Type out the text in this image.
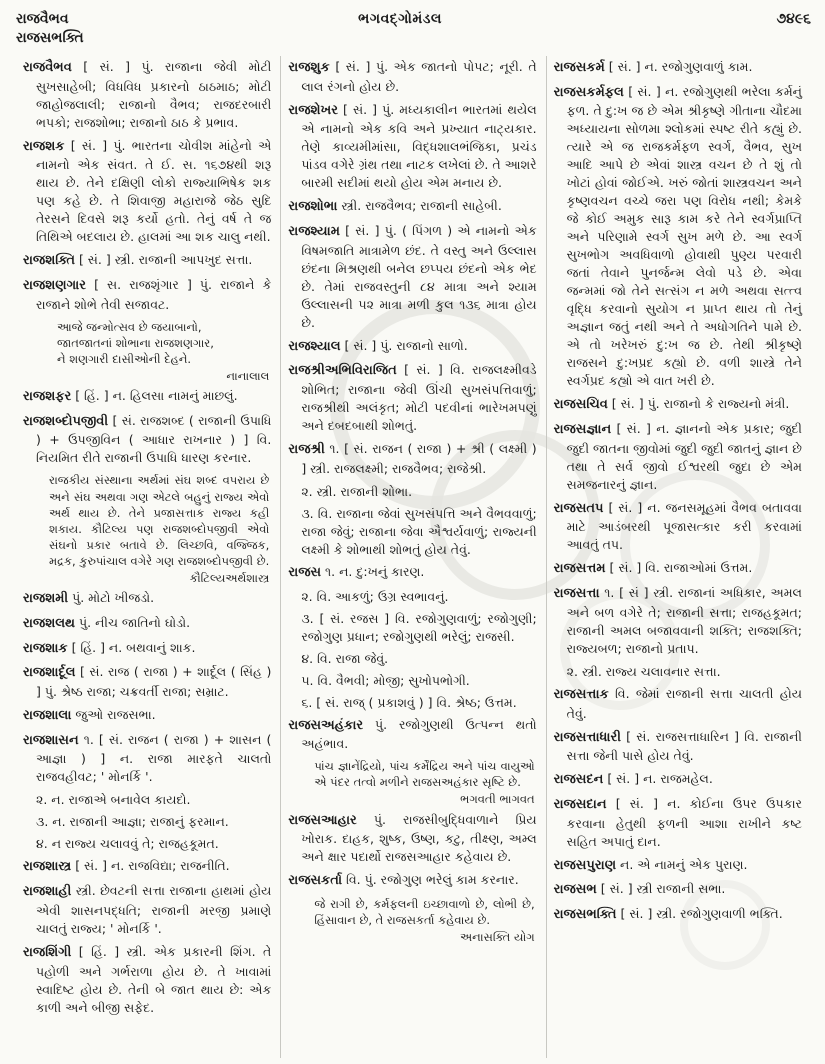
રાજવૈભવ
રાજસભક્તિ
ભગવદ્ગોમંડલ	૭૪૯૬

રાજવૈભવ [ સં. ] પું. રાજાના જેવી મોટી સુખસાહેબી; વિધવિધ પ્રકારનો ઠાઠમાઠ; મોટી જાહોજલાલી; રાજાનો વૈભવ; રાજદરબારી ભપકો; રાજશોભા; રાજાનો ઠાઠ કે પ્રભાવ.

રાજશક [ સં. ] પું. ભારતના ચોવીશ માંહેનો એ નામનો એક સંવત. તે ઈ. સ. ૧૬૭૪થી શરૂ થાય છે. તેને દક્ષિણી લોકો રાજ્યાભિષેક શક પણ કહે છે. તે શિવાજી મહારાજે જેઠ સુદિ તેરસને દિવસે શરૂ કર્યો હતો. તેનું વર્ષ તે જ તિથિએ બદલાય છે. હાલમાં આ શક ચાલુ નથી.

રાજશક્તિ [ સં. ] સ્ત્રી. રાજાની આપખુદ સત્તા.

રાજશણગાર [ સ. રાજશૃંગાર ] પું. રાજાને કે રાજાને શોભે તેવી સજાવટ.

આજે જન્મોત્સવ છે જયાબાનો,
જાતજાતનાં શોભાના રાજશણગાર,
ને શણગારી દાસીઓની દેહને.
નાનાલાલ

રાજશફર [ હિં. ] ન. હિલસા નામનું માછલું.

રાજશબ્દોપજીવી [ સં. રાજશબ્દ ( રાજાની ઉપાધિ ) + ઉપજીવિન ( આધાર રાખનાર ) ] વિ. નિયમિત રીતે રાજાની ઉપાધિ ધારણ કરનાર.

રાજકીય સંસ્થાના અર્થમાં સંઘ શબ્દ વપરાય છે અને સંઘ અથવા ગણ એટલે બહુનું રાજ્ય એવો અર્થ થાય છે. તેને પ્રજાસત્તાક રાજ્ય કહી શકાય. કૌટિલ્ય પણ રાજશબ્દોપજીવી એવો સંઘનો પ્રકાર બતાવે છે. લિચ્છવિ, વજ્જિક, મદ્રક, કુરુપાંચાલ વગેરે ગણ રાજશબ્દોપજીવી છે.
કૌટિલ્યઅર્થશાસ્ત્ર

રાજશમી પું. મોટો ખીજડો.

રાજશલથ પું. નીચ જાતિનો ઘોડો.

રાજશાક [ હિં. ] ન. બથવાનું શાક.

રાજશાર્દૂલ [ સં. રાજ ( રાજા ) + શાર્દૂલ ( સિંહ ) ] પું. શ્રેષ્ઠ રાજા; ચક્રવર્તી રાજા; સમ્રાટ.

રાજશાલા જુઓ રાજસભા.

રાજશાસન ૧. [ સં. રાજન ( રાજા ) + શાસન ( આજ્ઞા ) ] ન. રાજા મારફતે ચાલતો રાજવહીવટ; ' મોનર્કિ '.

૨. ન. રાજાએ બનાવેલ કાયદો.

૩. ન. રાજાની આજ્ઞા; રાજાનું ફરમાન.

૪. ન રાજ્ય ચલાવવું તે; રાજહકૂમત.

રાજશાસ્ત્ર [ સં. ] ન. રાજવિદ્યા; રાજનીતિ.

રાજશાહી સ્ત્રી. છેવટની સત્તા રાજાના હાથમાં હોય એવી શાસનપદ્ધતિ; રાજાની મરજી પ્રમાણે ચાલતું રાજ્ય; ' મોનર્કિ '.

રાજશિંગી [ હિં. ] સ્ત્રી. એક પ્રકારની શિંગ. તે પહોળી અને ગર્ભરાળા હોય છે. તે ખાવામાં સ્વાદિષ્ટ હોય છે. તેની બે જાત થાય છે: એક કાળી અને બીજી સફેદ.

રાજશુક [ સં. ] પું. એક જાતનો પોપટ; નૂરી. તે લાલ રંગનો હોય છે.

રાજશેખર [ સં. ] પું. મધ્યકાલીન ભારતમાં થયેલ એ નામનો એક કવિ અને પ્રખ્યાત નાટ્યકાર. તેણે કાવ્યમીમાંસા, વિદ્ધશાલભંજિકા, પ્રચંડ પાંડવ વગેરે ગ્રંથ તથા નાટક લખેલાં છે. તે આશરે બારમી સદીમાં થયો હોય એમ મનાય છે.

રાજશોભા સ્ત્રી. રાજવૈભવ; રાજાની સાહેબી.

રાજશ્યામ [ સં. ] પું. ( પિંગળ ) એ નામનો એક વિષમજાતિ માત્રામેળ છંદ. તે વસ્તુ અને ઉલ્લાસ છંદના મિશ્રણથી બનેલ છપ્પય છંદનો એક ભેદ છે. તેમાં રાજવસ્તુની ૮૪ માત્રા અને શ્યામ ઉલ્લાસની ૫૨ માત્રા મળી કુલ ૧૩૬ માત્રા હોય છે.

રાજશ્યાલ [ સં. ] પું. રાજાનો સાળો.

રાજશ્રીઅભિવિરાજિત [ સં. ] વિ. રાજલક્ષ્મીવડે શોભિત; રાજાના જેવી ઊંચી સુખસંપત્તિવાળું; રાજશ્રીથી અલંકૃત; મોટી પદવીનાં ભારેખમપણું અને દબદબાથી શોભતું.

રાજશ્રી ૧. [ સં. રાજન ( રાજા ) + શ્રી ( લક્ષ્મી ) ] સ્ત્રી. રાજલક્ષ્મી; રાજવૈભવ; રાજેશ્રી.

૨. સ્ત્રી. રાજાની શોભા.

૩. વિ. રાજાના જેવાં સુખસંપત્તિ અને વૈભવવાળું; રાજા જેવું; રાજાના જેવા ઐશ્વર્યવાળું; રાજ્યની લક્ષ્મી કે શોભાથી શોભતું હોય તેવું.

રાજસ ૧. ન. દુ:ખનું કારણ.

૨. વિ. આકળું; ઉગ્ર સ્વભાવનું.

૩. [ સં. રજસ ] વિ. રજોગુણવાળું; રજોગુણી; રજોગુણ પ્રધાન; રજોગુણથી ભરેલું; રાજસી.

૪. વિ. રાજા જેવું.

૫. વિ. વૈભવી; મોજી; સુખોપભોગી.

૬. [ સં. રાજ્ ( પ્રકાશવું ) ] વિ. શ્રેષ્ઠ; ઉત્તમ.

રાજસઅહંકાર પું. રજોગુણથી ઉત્પન્ન થતો અહંભાવ.

પાંચ જ્ઞાનેંદ્રિયો, પાંચ કર્મેંદ્રિય અને પાંચ વાયુઓ એ પંદર તત્વો મળીને રાજસઅહંકાર સૃષ્ટિ છે.
ભગવતી ભાગવત

રાજસઆહાર પું. રાજસીબુદ્ધિવાળાને પ્રિય ખોરાક. દાહક, શુષ્ક, ઉષ્ણ, કટુ, તીક્ષ્ણ, અમ્લ અને ક્ષાર પદાર્થો રાજસઆહાર કહેવાય છે.

રાજસકર્તા વિ. પું. રજોગુણ ભરેલું કામ કરનાર.

જે રાગી છે, કર્મફલની ઇચ્છાવાળો છે, લોભી છે, હિંસાવાન છે, તે રાજસકર્તા કહેવાય છે.
અનાસક્તિ યોગ

રાજસકર્મ [ સં. ] ન. રજોગુણવાળું કામ.

રાજસકર્મફલ [ સં. ] ન. રજોગુણથી ભરેલા કર્મનું ફળ. તે દુ:ખ જ છે એમ શ્રીકૃષ્ણે ગીતાના ચૌદમા અધ્યાયના સોળમા શ્લોકમાં સ્પષ્ટ રીતે કહ્યું છે. ત્યારે એ જ રાજકર્મફળ સ્વર્ગ, વૈભવ, સુખ આદિ આપે છે એવાં શાસ્ત્ર વચન છે તે શું તો ખોટાં હોવાં જોઈએ. ખરું જોતાં શાસ્ત્રવચન અને કૃષ્ણવચન વચ્ચે જરા પણ વિરોધ નથી; કેમકે જે કોઈ અમુક સારૂ કામ કરે તેને સ્વર્ગપ્રાપ્તિ અને પરિણામે સ્વર્ગ સુખ મળે છે. આ સ્વર્ગ સુખભોગ અવધિવાળો હોવાથી પુણ્ય પરવારી જતાં તેવાને પુનર્જન્મ લેવો પડે છે. એવા જન્મમાં જો તેને સત્સંગ ન મળે અથવા સત્ત્વ વૃદ્ધિ કરવાનો સુયોગ ન પ્રાપ્ત થાય તો તેનું અજ્ઞાન જતું નથી અને તે અધોગતિને પામે છે. એ તો ખરેખરું દુ:ખ જ છે. તેથી શ્રીકૃષ્ણે રાજસને દુ:ખપ્રદ કહ્યો છે. વળી શાસ્ત્રે તેને સ્વર્ગપ્રદ કહ્યો એ વાત ખરી છે.

રાજસચિવ [ સં. ] પું. રાજાનો કે રાજ્યનો મંત્રી.

રાજસજ્ઞાન [ સં. ] ન. જ્ઞાનનો એક પ્રકાર; જુદી જુદી જાતના જીવોમાં જુદી જુદી જાતનું જ્ઞાન છે તથા તે સર્વ જીવો ઈશ્વરથી જુદા છે એમ સમજનારનું જ્ઞાન.

રાજસતપ [ સં. ] ન. જનસમૂહમાં વૈભવ બતાવવા માટે આડંબરથી પૂજાસત્કાર કરી કરવામાં આવતું તપ.

રાજસત્તમ [ સં. ] વિ. રાજાઓમાં ઉત્તમ.

રાજસત્તા ૧. [ સં ] સ્ત્રી. રાજાનાં અધિકાર, અમલ અને બળ વગેરે તે; રાજાની સત્તા; રાજહકૂમત; રાજાની અમલ બજાવવાની શક્તિ; રાજશક્તિ; રાજ્યબળ; રાજાનો પ્રતાપ.

૨. સ્ત્રી. રાજ્ય ચલાવનાર સત્તા.

રાજસત્તાક વિ. જેમાં રાજાની સત્તા ચાલતી હોય તેવું.

રાજસત્તાધારી [ સં. રાજસત્તાધારિન ] વિ. રાજાની સત્તા જેની પાસે હોય તેવું.

રાજસદન [ સં. ] ન. રાજમહેલ.

રાજસદાન [ સં. ] ન. કોઈના ઉપર ઉપકાર કરવાના હેતુથી ફળની આશા રાખીને કષ્ટ સહિત અપાતું દાન.

રાજસપુરાણ ન. એ નામનું એક પુરાણ.

રાજસભ [ સં. ] સ્ત્રી રાજાની સભા.

રાજસભક્તિ [ સં. ] સ્ત્રી. રજોગુણવાળી ભક્તિ.
